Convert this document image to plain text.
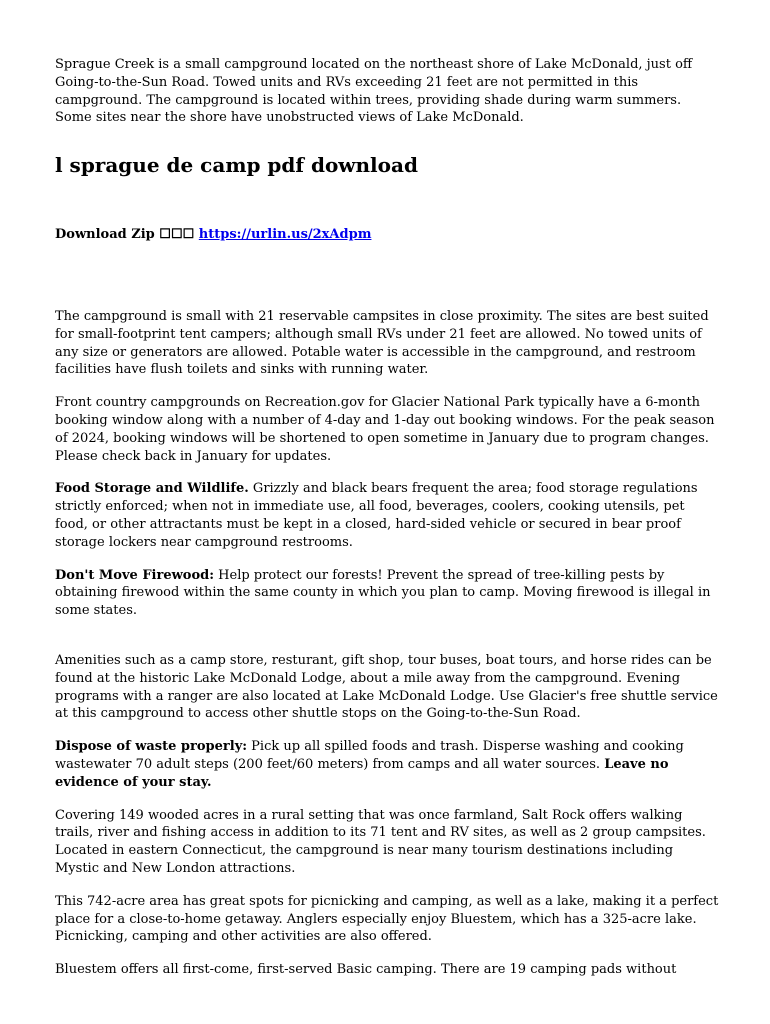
Sprague Creek is a small campground located on the northeast shore of Lake McDonald, just off Going-to-the-Sun Road. Towed units and RVs exceeding 21 feet are not permitted in this campground. The campground is located within trees, providing shade during warm summers. Some sites near the shore have unobstructed views of Lake McDonald.

l sprague de camp pdf download

Download Zip ☐☐☐ https://urlin.us/2xAdpm

The campground is small with 21 reservable campsites in close proximity. The sites are best suited for small-footprint tent campers; although small RVs under 21 feet are allowed. No towed units of any size or generators are allowed. Potable water is accessible in the campground, and restroom facilities have flush toilets and sinks with running water.

Front country campgrounds on Recreation.gov for Glacier National Park typically have a 6-month booking window along with a number of 4-day and 1-day out booking windows. For the peak season of 2024, booking windows will be shortened to open sometime in January due to program changes. Please check back in January for updates.

Food Storage and Wildlife. Grizzly and black bears frequent the area; food storage regulations strictly enforced; when not in immediate use, all food, beverages, coolers, cooking utensils, pet food, or other attractants must be kept in a closed, hard-sided vehicle or secured in bear proof storage lockers near campground restrooms.

Don't Move Firewood: Help protect our forests! Prevent the spread of tree-killing pests by obtaining firewood within the same county in which you plan to camp. Moving firewood is illegal in some states.

Amenities such as a camp store, resturant, gift shop, tour buses, boat tours, and horse rides can be found at the historic Lake McDonald Lodge, about a mile away from the campground. Evening programs with a ranger are also located at Lake McDonald Lodge. Use Glacier's free shuttle service at this campground to access other shuttle stops on the Going-to-the-Sun Road.

Dispose of waste properly: Pick up all spilled foods and trash. Disperse washing and cooking wastewater 70 adult steps (200 feet/60 meters) from camps and all water sources. Leave no evidence of your stay.

Covering 149 wooded acres in a rural setting that was once farmland, Salt Rock offers walking trails, river and fishing access in addition to its 71 tent and RV sites, as well as 2 group campsites. Located in eastern Connecticut, the campground is near many tourism destinations including Mystic and New London attractions.

This 742-acre area has great spots for picnicking and camping, as well as a lake, making it a perfect place for a close-to-home getaway. Anglers especially enjoy Bluestem, which has a 325-acre lake. Picnicking, camping and other activities are also offered.

Bluestem offers all first-come, first-served Basic camping. There are 19 camping pads without
